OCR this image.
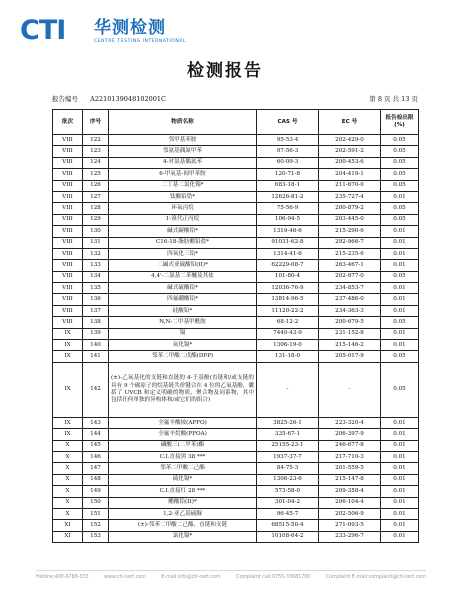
CTI 华测检测
CENTRE TESTING INTERNATIONAL
检测报告
报告编号 A2210139048102001C	第 8 页 共 13 页
批次	序号	物质名称	CAS 号	EC 号	报告检出限(%)
VIII	122	邻甲基苯胺	95-53-4	202-429-0	0.05
VIII	123	邻氨基偶氮甲苯	97-56-3	202-591-2	0.05
VIII	124	4-对氨基偶氮苯	60-09-3	200-453-6	0.05
VIII	125	6-甲氧基-间甲苯胺	120-71-8	204-419-1	0.05
VIII	126	二丁基二氯化锡*	683-18-1	211-670-0	0.05
VIII	127	钛酸铅锆*	12626-81-2	235-727-4	0.01
VIII	128	环氧丙烷	75-56-9	200-879-2	0.05
VIII	129	1-溴代正丙烷	106-94-5	203-445-0	0.05
VIII	130	碱式碳酸铅*	1319-46-6	215-290-6	0.01
VIII	131	C16-18-脂肪酸铅盐*	91031-62-8	292-966-7	0.01
VIII	132	四氧化三铅*	1314-41-6	215-235-6	0.01
VIII	133	二碱式亚硫酸铅(II)*	62229-08-7	263-467-1	0.01
VIII	134	4,4'-二氨基二苯醚及其盐	101-80-4	202-977-0	0.05
VIII	135	碱式硫酸铅*	12036-76-9	234-853-7	0.01
VIII	136	四氟硼酸铅*	13814-96-5	237-486-0	0.01
VIII	137	硅酸铅*	11120-22-2	234-363-3	0.01
VIII	138	N,N-二甲基甲酰胺	68-12-2	200-679-5	0.05
IX	139	镉	7440-43-9	231-152-8	0.01
IX	140	氧化镉*	1306-19-0	215-146-2	0.01
IX	141	邻苯二甲酸二戊酯(DPP)	131-18-0	205-017-9	0.05
IX	142	(±)-乙氧基化的支链和直链的 4-壬基酚(直链和/或支链的具有 9 个碳原子的烷基链共价键合在 4 位的乙氧基酚，囊括了 UVCB 和定义明确的物质，聚合物及同系物，其中包括任何单独的异构体和/或它们的组合)	-	-	0.05
IX	143	全氟辛酸铵(APFO)	3825-26-1	223-320-4	0.01
IX	144	全氟辛烷酸(PFOA)	335-67-1	206-397-9	0.01
X	145	磷酸三(二甲苯)酯	25155-23-1	246-677-8	0.01
X	146	C.I.直接黑 38 ***	1937-37-7	217-710-3	0.01
X	147	邻苯二甲酸二己酯	84-75-3	201-559-5	0.01
X	148	硫化镉*	1306-23-6	215-147-8	0.01
X	149	C.I.直接红 28 ***	573-58-0	209-358-4	0.01
X	150	醋酸铅(II)*	301-04-2	206-104-4	0.01
X	151	1,2-亚乙基硫脲	96-45-7	202-506-9	0.01
XI	152	(±)-邻苯二甲酸二己酯，直链和支链	68515-50-4	271-093-5	0.01
XI	153	氯化镉*	10108-64-2	233-296-7	0.01
Hotline:400-6788-333	www.cti-cert.com	E-mail:info@cti-cert.com	Complaint call:0755-33681700	Complaint E-mail:complaint@cti-cert.com
